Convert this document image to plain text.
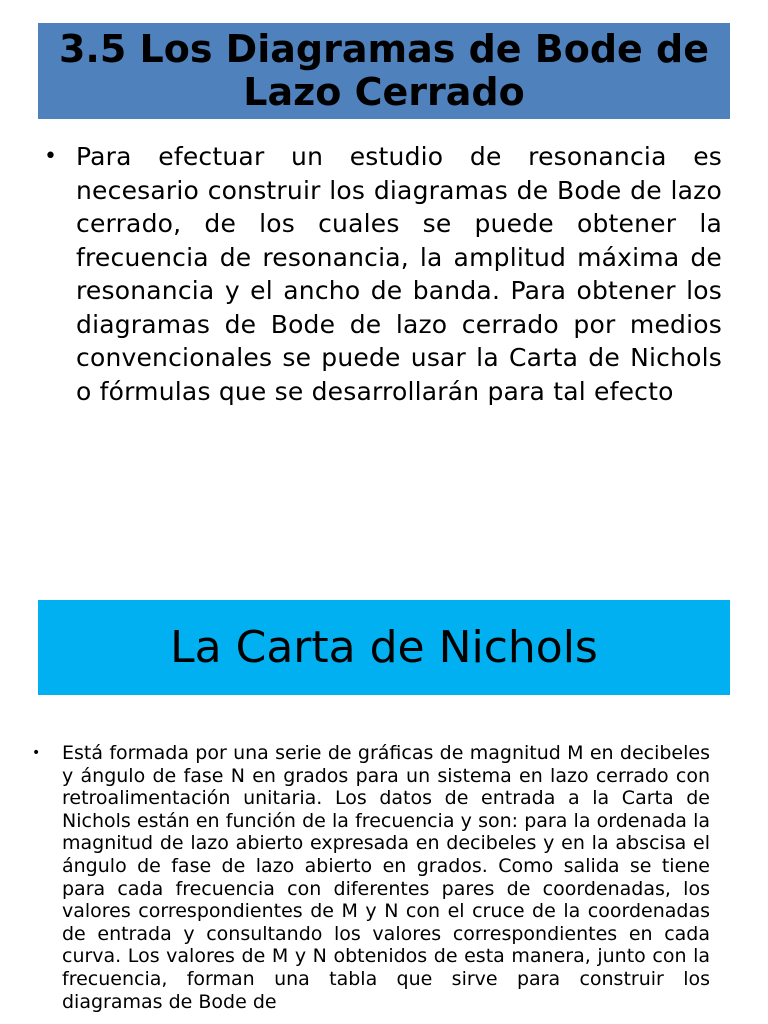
3.5 Los Diagramas de Bode de Lazo Cerrado
• Para efectuar un estudio de resonancia es necesario construir los diagramas de Bode de lazo cerrado, de los cuales se puede obtener la frecuencia de resonancia, la amplitud máxima de resonancia y el ancho de banda. Para obtener los diagramas de Bode de lazo cerrado por medios convencionales se puede usar la Carta de Nichols o fórmulas que se desarrollarán para tal efecto
La Carta de Nichols
• Está formada por una serie de gráficas de magnitud M en decibeles y ángulo de fase N en grados para un sistema en lazo cerrado con retroalimentación unitaria. Los datos de entrada a la Carta de Nichols están en función de la frecuencia y son: para la ordenada la magnitud de lazo abierto expresada en decibeles y en la abscisa el ángulo de fase de lazo abierto en grados. Como salida se tiene para cada frecuencia con diferentes pares de coordenadas, los valores correspondientes de M y N con el cruce de la coordenadas de entrada y consultando los valores correspondientes en cada curva. Los valores de M y N obtenidos de esta manera, junto con la frecuencia, forman una tabla que sirve para construir los diagramas de Bode de
